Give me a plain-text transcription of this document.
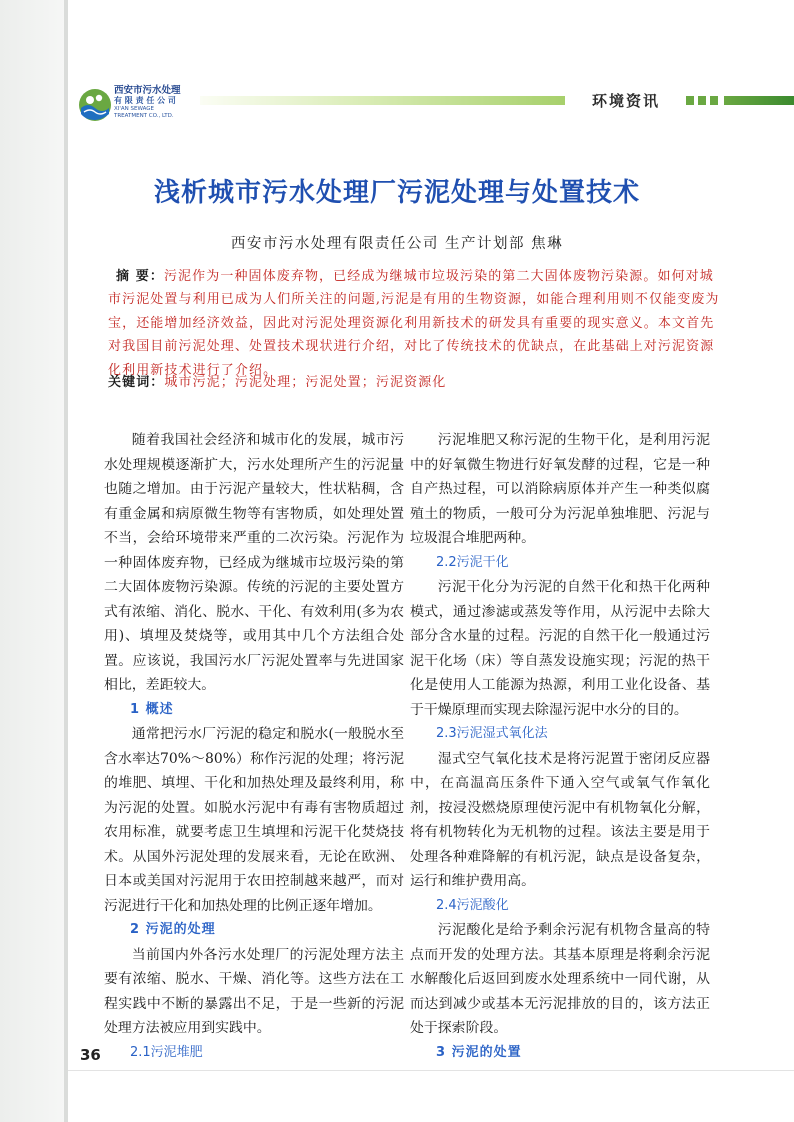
西安市污水处理
有 限 责 任 公 司
XI'AN SEWAGE
TREATMENT CO., LTD.
环境资讯
浅析城市污水处理厂污泥处理与处置技术
西安市污水处理有限责任公司 生产计划部 焦琳
摘 要：污泥作为一种固体废弃物，已经成为继城市垃圾污染的第二大固体废物污染源。如何对城市污泥处置与利用已成为人们所关注的问题,污泥是有用的生物资源，如能合理利用则不仅能变废为宝，还能增加经济效益，因此对污泥处理资源化利用新技术的研发具有重要的现实意义。本文首先对我国目前污泥处理、处置技术现状进行介绍，对比了传统技术的优缺点，在此基础上对污泥资源化利用新技术进行了介绍。
关键词：城市污泥；污泥处理；污泥处置；污泥资源化

随着我国社会经济和城市化的发展，城市污水处理规模逐渐扩大，污水处理所产生的污泥量也随之增加。由于污泥产量较大，性状粘稠，含有重金属和病原微生物等有害物质，如处理处置不当，会给环境带来严重的二次污染。污泥作为一种固体废弃物，已经成为继城市垃圾污染的第二大固体废物污染源。传统的污泥的主要处置方式有浓缩、消化、脱水、干化、有效利用(多为农用)、填埋及焚烧等，或用其中几个方法组合处置。应该说，我国污水厂污泥处置率与先进国家相比，差距较大。

1 概述

通常把污水厂污泥的稳定和脱水(一般脱水至含水率达70%～80%）称作污泥的处理；将污泥的堆肥、填埋、干化和加热处理及最终利用，称为污泥的处置。如脱水污泥中有毒有害物质超过农用标准，就要考虑卫生填埋和污泥干化焚烧技术。从国外污泥处理的发展来看，无论在欧洲、日本或美国对污泥用于农田控制越来越严，而对污泥进行干化和加热处理的比例正逐年增加。

2 污泥的处理

当前国内外各污水处理厂的污泥处理方法主要有浓缩、脱水、干燥、消化等。这些方法在工程实践中不断的暴露出不足，于是一些新的污泥处理方法被应用到实践中。

2.1污泥堆肥

污泥堆肥又称污泥的生物干化，是利用污泥中的好氧微生物进行好氧发酵的过程，它是一种自产热过程，可以消除病原体并产生一种类似腐殖土的物质，一般可分为污泥单独堆肥、污泥与垃圾混合堆肥两种。

2.2污泥干化

污泥干化分为污泥的自然干化和热干化两种模式，通过渗滤或蒸发等作用，从污泥中去除大部分含水量的过程。污泥的自然干化一般通过污泥干化场（床）等自蒸发设施实现；污泥的热干化是使用人工能源为热源，利用工业化设备、基于干燥原理而实现去除湿污泥中水分的目的。

2.3污泥湿式氧化法

湿式空气氧化技术是将污泥置于密闭反应器中，在高温高压条件下通入空气或氧气作氧化剂，按浸没燃烧原理使污泥中有机物氧化分解，将有机物转化为无机物的过程。该法主要是用于处理各种难降解的有机污泥，缺点是设备复杂，运行和维护费用高。

2.4污泥酸化

污泥酸化是给予剩余污泥有机物含量高的特点而开发的处理方法。其基本原理是将剩余污泥水解酸化后返回到废水处理系统中一同代谢，从而达到减少或基本无污泥排放的目的，该方法正处于探索阶段。

3 污泥的处置
36
